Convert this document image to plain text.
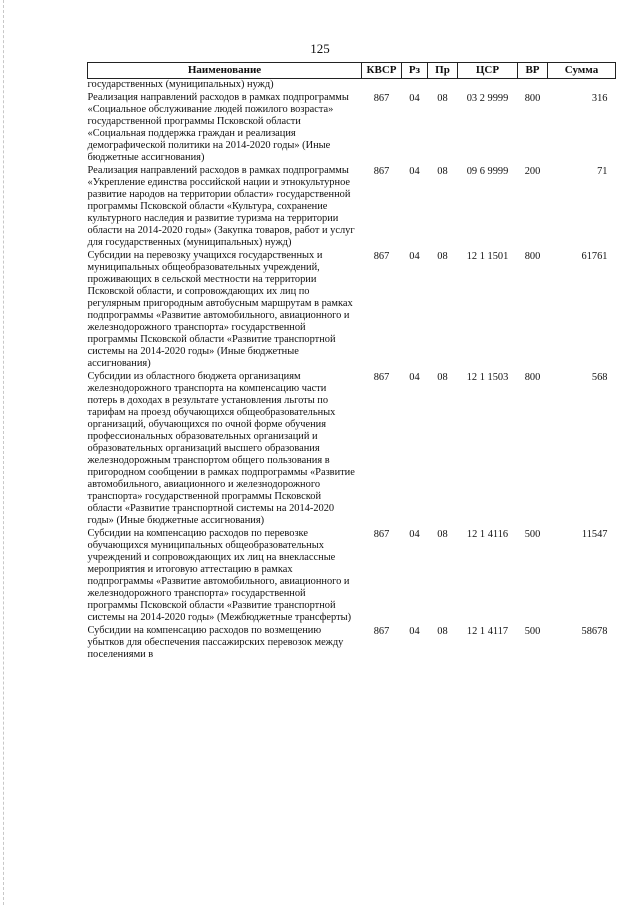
125
Наименование	КВСР	Рз	Пр	ЦСР	ВР	Сумма
государственных (муниципальных) нужд)						
Реализация направлений расходов в рамках подпрограммы «Социальное обслуживание людей пожилого возраста» государственной программы Псковской области «Социальная поддержка граждан и реализация демографической политики на 2014-2020 годы» (Иные бюджетные ассигнования)	867	04	08	03 2 9999	800	316
Реализация направлений расходов в рамках подпрограммы «Укрепление единства российской нации и этнокультурное развитие народов на территории области» государственной программы Псковской области «Культура, сохранение культурного наследия и развитие туризма на территории области на 2014-2020 годы» (Закупка товаров, работ и услуг для государственных (муниципальных) нужд)	867	04	08	09 6 9999	200	71
Субсидии на перевозку учащихся государственных и муниципальных общеобразовательных учреждений, проживающих в сельской местности на территории Псковской области, и сопровождающих их лиц по регулярным пригородным автобусным маршрутам в рамках подпрограммы «Развитие автомобильного, авиационного и железнодорожного транспорта» государственной программы Псковской области «Развитие транспортной системы на 2014-2020 годы» (Иные бюджетные ассигнования)	867	04	08	12 1 1501	800	61761
Субсидии из областного бюджета организациям железнодорожного транспорта на компенсацию части потерь в доходах в результате установления льготы по тарифам на проезд обучающихся общеобразовательных организаций, обучающихся по очной форме обучения профессиональных образовательных организаций и образовательных организаций высшего образования железнодорожным транспортом общего пользования в пригородном сообщении в рамках подпрограммы «Развитие автомобильного, авиационного и железнодорожного транспорта» государственной программы Псковской области «Развитие транспортной системы на 2014-2020 годы» (Иные бюджетные ассигнования)	867	04	08	12 1 1503	800	568
Субсидии на компенсацию расходов по перевозке обучающихся муниципальных общеобразовательных учреждений и сопровождающих их лиц на внеклассные мероприятия и итоговую аттестацию в рамках подпрограммы «Развитие автомобильного, авиационного и железнодорожного транспорта» государственной программы Псковской области «Развитие транспортной системы на 2014-2020 годы» (Межбюджетные трансферты)	867	04	08	12 1 4116	500	11547
Субсидии на компенсацию расходов по возмещению убытков для обеспечения пассажирских перевозок между поселениями в	867	04	08	12 1 4117	500	58678
